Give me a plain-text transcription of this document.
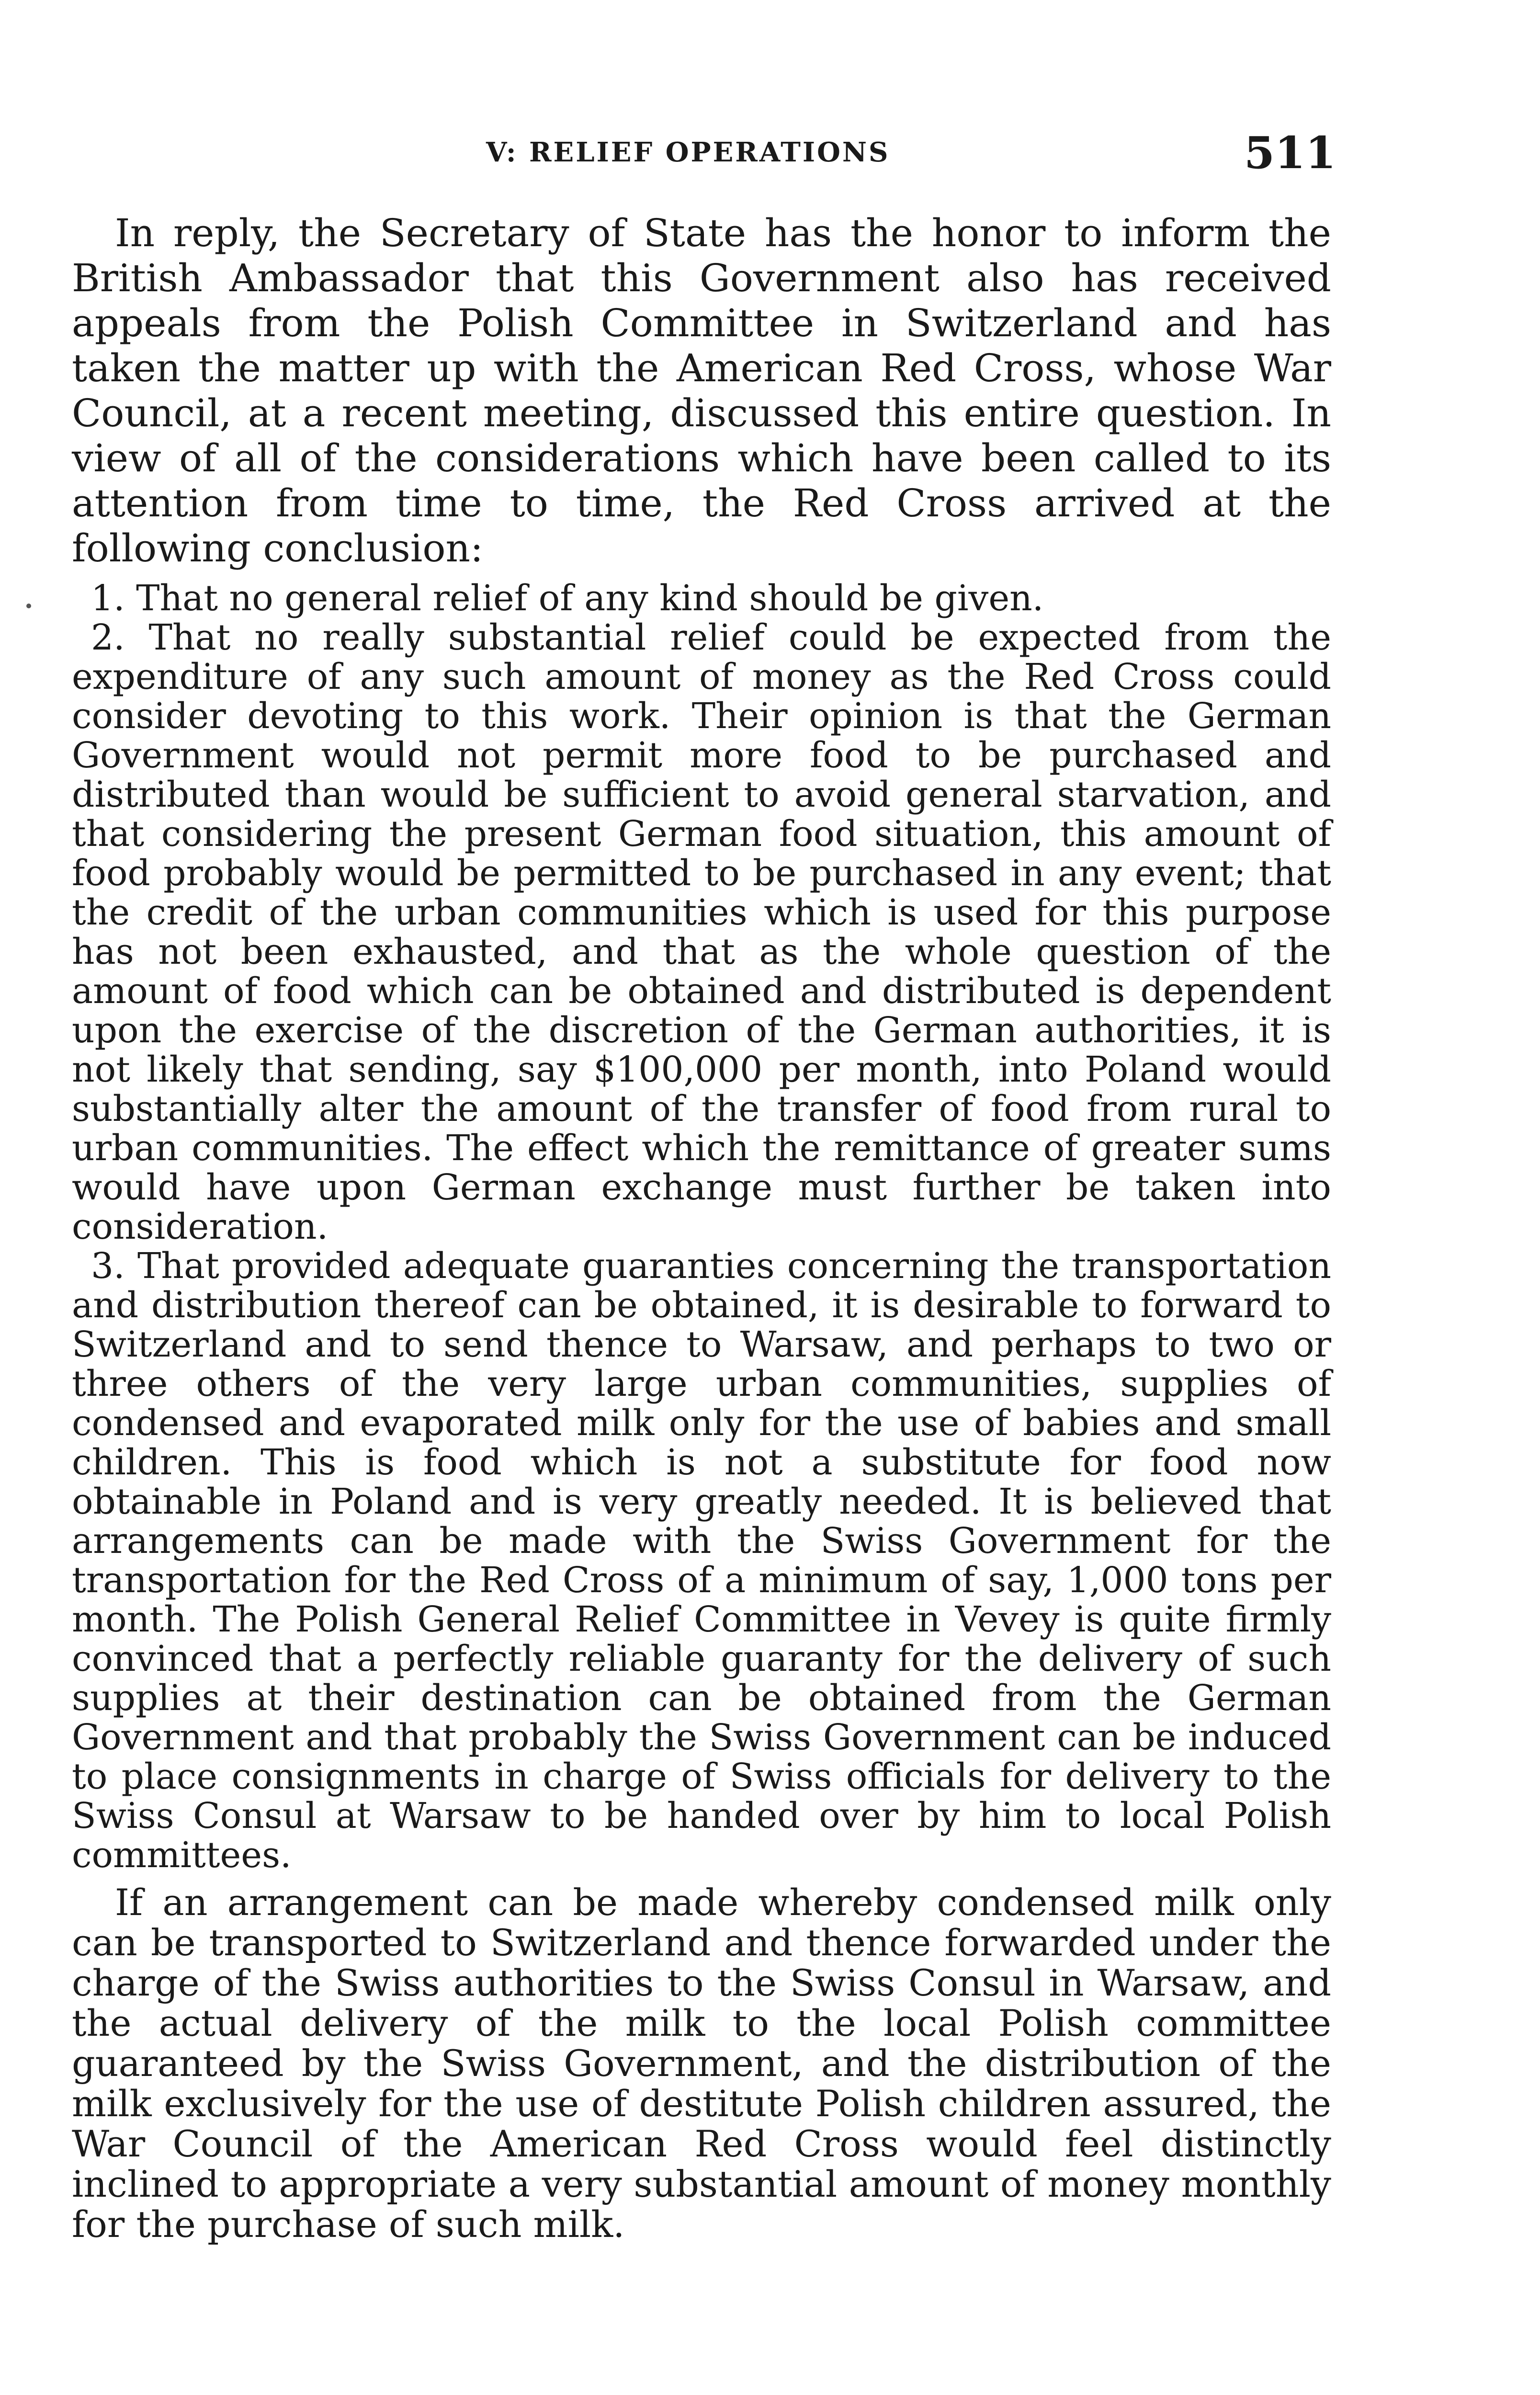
V: RELIEF OPERATIONS	511

In reply, the Secretary of State has the honor to inform the British Ambassador that this Government also has received appeals from the Polish Committee in Switzerland and has taken the matter up with the American Red Cross, whose War Council, at a recent meeting, discussed this entire question. In view of all of the considerations which have been called to its attention from time to time, the Red Cross arrived at the following conclusion:

1. That no general relief of any kind should be given.

2. That no really substantial relief could be expected from the expenditure of any such amount of money as the Red Cross could consider devoting to this work. Their opinion is that the German Government would not permit more food to be purchased and distributed than would be sufficient to avoid general starvation, and that considering the present German food situation, this amount of food probably would be permitted to be purchased in any event; that the credit of the urban communities which is used for this purpose has not been exhausted, and that as the whole question of the amount of food which can be obtained and distributed is dependent upon the exercise of the discretion of the German authorities, it is not likely that sending, say $100,000 per month, into Poland would substantially alter the amount of the transfer of food from rural to urban communities. The effect which the remittance of greater sums would have upon German exchange must further be taken into consideration.

3. That provided adequate guaranties concerning the transportation and distribution thereof can be obtained, it is desirable to forward to Switzerland and to send thence to Warsaw, and perhaps to two or three others of the very large urban communities, supplies of condensed and evaporated milk only for the use of babies and small children. This is food which is not a substitute for food now obtainable in Poland and is very greatly needed. It is believed that arrangements can be made with the Swiss Government for the transportation for the Red Cross of a minimum of say, 1,000 tons per month. The Polish General Relief Committee in Vevey is quite firmly convinced that a perfectly reliable guaranty for the delivery of such supplies at their destination can be obtained from the German Government and that probably the Swiss Government can be induced to place consignments in charge of Swiss officials for delivery to the Swiss Consul at Warsaw to be handed over by him to local Polish committees.

If an arrangement can be made whereby condensed milk only can be transported to Switzerland and thence forwarded under the charge of the Swiss authorities to the Swiss Consul in Warsaw, and the actual delivery of the milk to the local Polish committee guaranteed by the Swiss Government, and the distribution of the milk exclusively for the use of destitute Polish children assured, the War Council of the American Red Cross would feel distinctly inclined to appropriate a very substantial amount of money monthly for the purchase of such milk.
